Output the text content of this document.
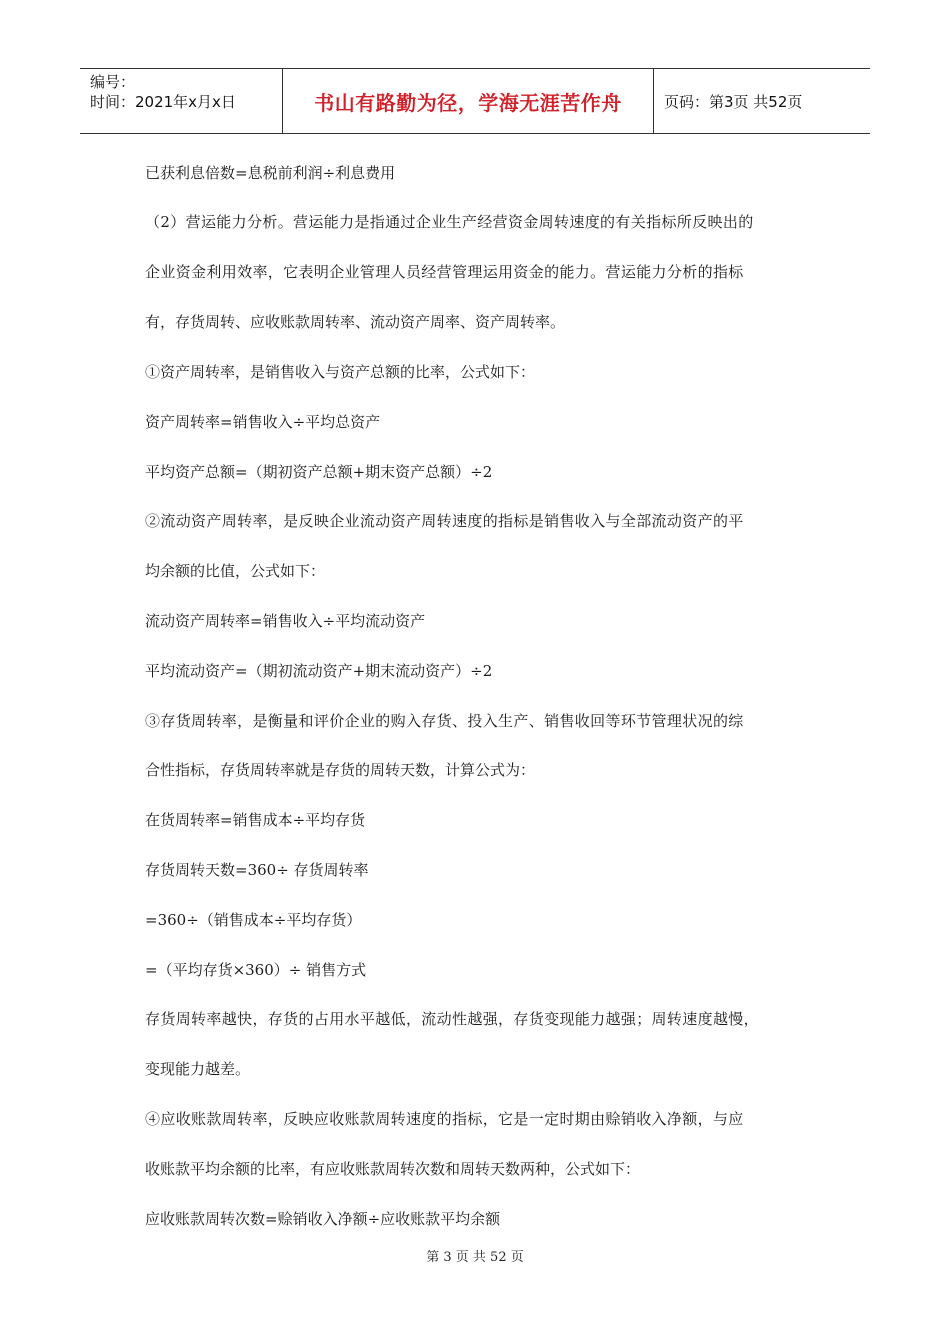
编号：
时间：2021年x月x日	书山有路勤为径，学海无涯苦作舟	页码：第3页 共52页
已获利息倍数=息税前利润÷利息费用
（2）营运能力分析。营运能力是指通过企业生产经营资金周转速度的有关指标所反映出的
企业资金利用效率，它表明企业管理人员经营管理运用资金的能力。营运能力分析的指标
有，存货周转、应收账款周转率、流动资产周率、资产周转率。
①资产周转率，是销售收入与资产总额的比率，公式如下：
资产周转率=销售收入÷平均总资产
平均资产总额=（期初资产总额+期末资产总额）÷2
②流动资产周转率，是反映企业流动资产周转速度的指标是销售收入与全部流动资产的平
均余额的比值，公式如下：
流动资产周转率=销售收入÷平均流动资产
平均流动资产=（期初流动资产+期末流动资产）÷2
③存货周转率，是衡量和评价企业的购入存货、投入生产、销售收回等环节管理状况的综
合性指标，存货周转率就是存货的周转天数，计算公式为：
在货周转率=销售成本÷平均存货
存货周转天数=360÷ 存货周转率
=360÷（销售成本÷平均存货）
=（平均存货×360）÷ 销售方式
存货周转率越快，存货的占用水平越低，流动性越强，存货变现能力越强；周转速度越慢，
变现能力越差。
④应收账款周转率，反映应收账款周转速度的指标，它是一定时期由赊销收入净额，与应
收账款平均余额的比率，有应收账款周转次数和周转天数两种，公式如下：
应收账款周转次数=赊销收入净额÷应收账款平均余额
第 3 页 共 52 页
